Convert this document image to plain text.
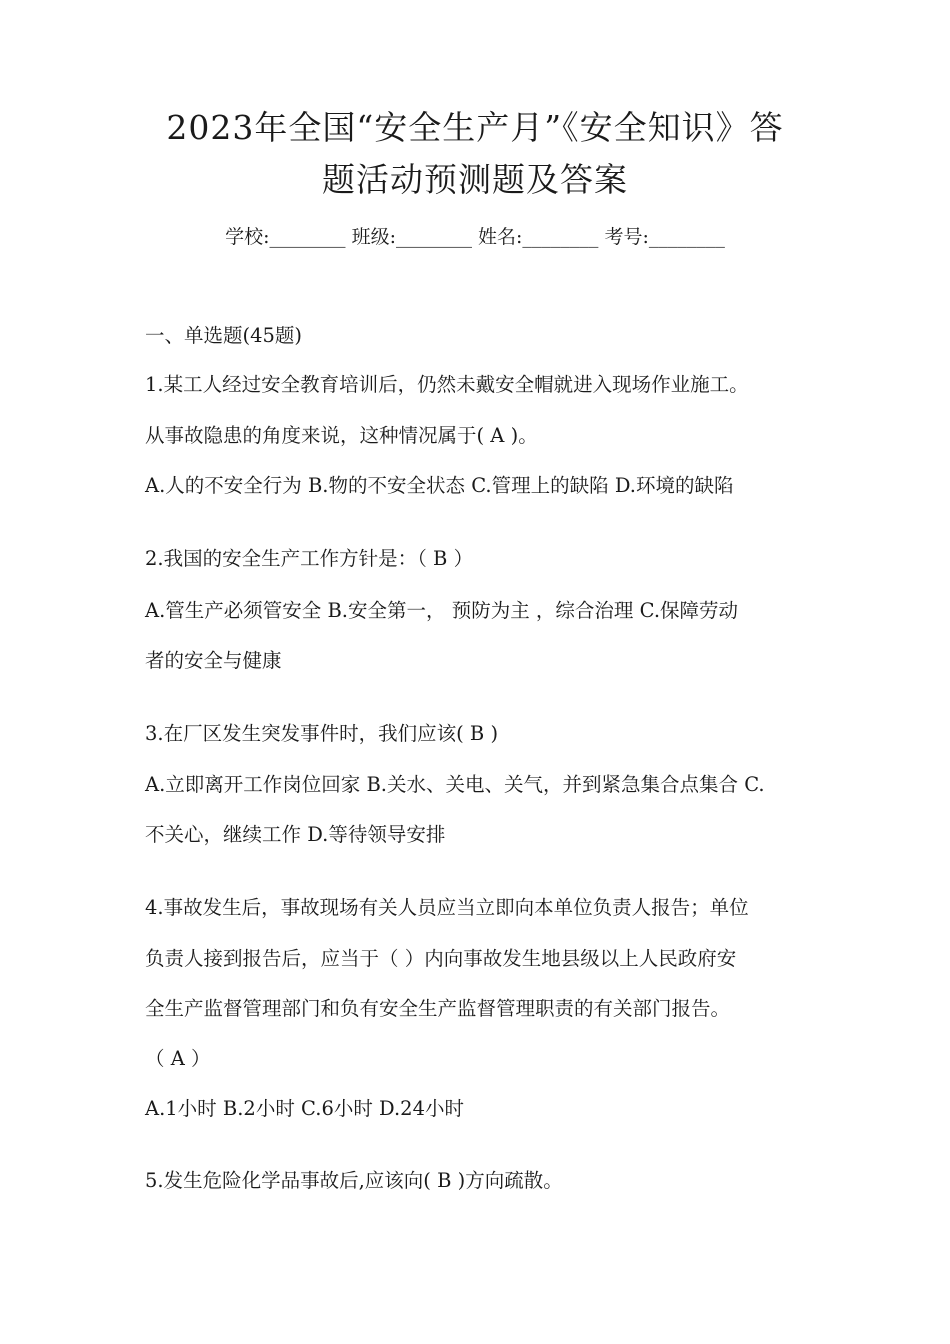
2023年全国“安全生产月”《安全知识》答
题活动预测题及答案
学校:________ 班级:________ 姓名:________ 考号:________

一、单选题(45题)

1.某工人经过安全教育培训后，仍然未戴安全帽就进入现场作业施工。

从事故隐患的角度来说，这种情况属于( A )。

A.人的不安全行为 B.物的不安全状态 C.管理上的缺陷 D.环境的缺陷

2.我国的安全生产工作方针是：（ B ）

A.管生产必须管安全 B.安全第一， 预防为主 ，综合治理 C.保障劳动

者的安全与健康

3.在厂区发生突发事件时，我们应该( B )

A.立即离开工作岗位回家 B.关水、关电、关气，并到紧急集合点集合 C.

不关心，继续工作 D.等待领导安排

4.事故发生后，事故现场有关人员应当立即向本单位负责人报告；单位

负责人接到报告后，应当于（ ）内向事故发生地县级以上人民政府安

全生产监督管理部门和负有安全生产监督管理职责的有关部门报告。

（ A ）

A.1小时 B.2小时 C.6小时 D.24小时

5.发生危险化学品事故后,应该向( B )方向疏散。
